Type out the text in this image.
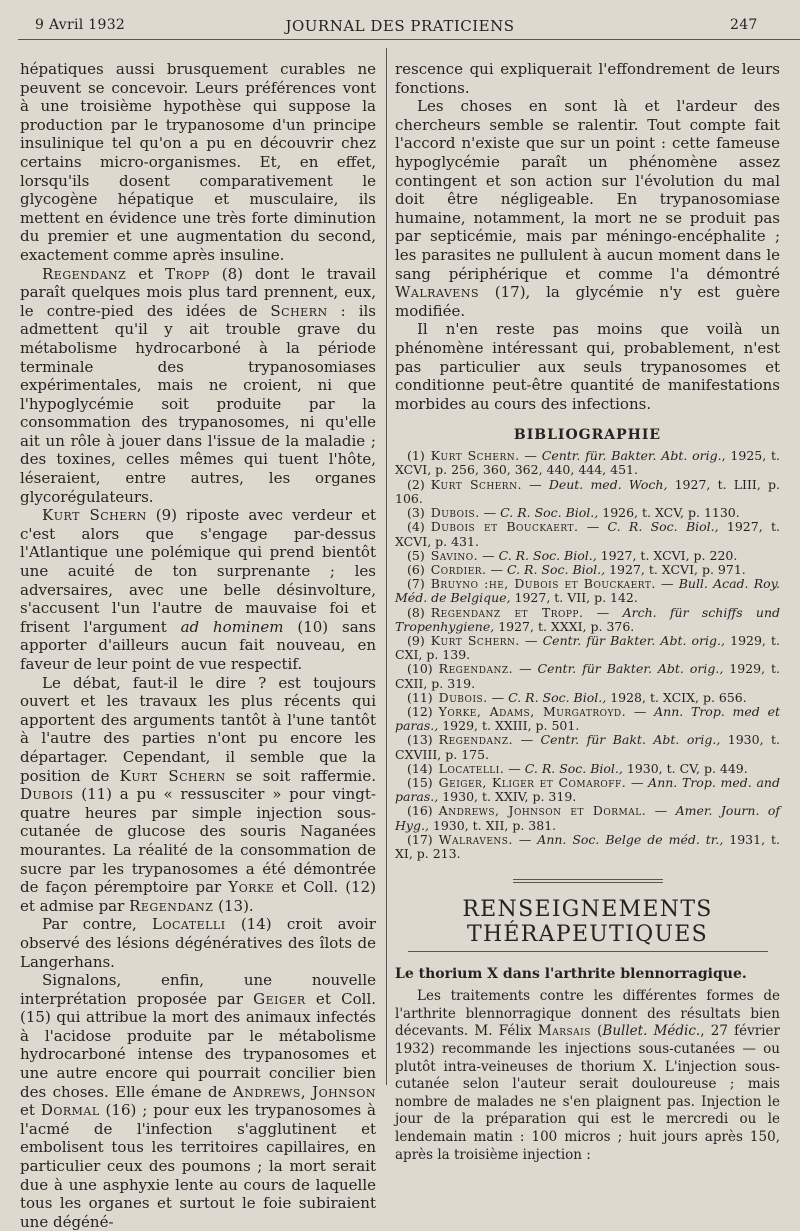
9 Avril 1932	JOURNAL DES PRATICIENS	247

hépatiques aussi brusquement curables ne peuvent se concevoir. Leurs préférences vont à une troisième hypothèse qui suppose la production par le trypanosome d'un principe insulinique tel qu'on a pu en découvrir chez certains micro-organismes. Et, en effet, lorsqu'ils dosent comparativement le glycogène hépatique et musculaire, ils mettent en évidence une très forte diminution du premier et une augmentation du second, exactement comme après insuline.

Regendanz et Tropp (8) dont le travail paraît quelques mois plus tard prennent, eux, le contre-pied des idées de Schern : ils admettent qu'il y ait trouble grave du métabolisme hydrocarboné à la période terminale des trypanosomiases expérimentales, mais ne croient, ni que l'hypoglycémie soit produite par la consommation des trypanosomes, ni qu'elle ait un rôle à jouer dans l'issue de la maladie ; des toxines, celles mêmes qui tuent l'hôte, léseraient, entre autres, les organes glycorégulateurs.

Kurt Schern (9) riposte avec verdeur et c'est alors que s'engage par-dessus l'Atlantique une polémique qui prend bientôt une acuité de ton surprenante ; les adversaires, avec une belle désinvolture, s'accusent l'un l'autre de mauvaise foi et frisent l'argument ad hominem (10) sans apporter d'ailleurs aucun fait nouveau, en faveur de leur point de vue respectif.

Le débat, faut-il le dire ? est toujours ouvert et les travaux les plus récents qui apportent des arguments tantôt à l'une tantôt à l'autre des parties n'ont pu encore les départager. Cependant, il semble que la position de Kurt Schern se soit raffermie. Dubois (11) a pu « ressusciter » pour vingt-quatre heures par simple injection sous-cutanée de glucose des souris Naganées mourantes. La réalité de la consommation de sucre par les trypanosomes a été démontrée de façon péremptoire par Yorke et Coll. (12) et admise par Regendanz (13).

Par contre, Locatelli (14) croit avoir observé des lésions dégénératives des îlots de Langerhans.

Signalons, enfin, une nouvelle interprétation proposée par Geiger et Coll. (15) qui attribue la mort des animaux infectés à l'acidose produite par le métabolisme hydrocarboné intense des trypanosomes et une autre encore qui pourrait concilier bien des choses. Elle émane de Andrews, Johnson et Dormal (16) ; pour eux les trypanosomes à l'acmé de l'infection s'agglutinent et embolisent tous les territoires capillaires, en particulier ceux des poumons ; la mort serait due à une asphyxie lente au cours de laquelle tous les organes et surtout le foie subiraient une dégéné-

rescence qui expliquerait l'effondrement de leurs fonctions.

Les choses en sont là et l'ardeur des chercheurs semble se ralentir. Tout compte fait l'accord n'existe que sur un point : cette fameuse hypoglycémie paraît un phénomène assez contingent et son action sur l'évolution du mal doit être négligeable. En trypanosomiase humaine, notamment, la mort ne se produit pas par septicémie, mais par méningo-encéphalite ; les parasites ne pullulent à aucun moment dans le sang périphérique et comme l'a démontré Walravens (17), la glycémie n'y est guère modifiée.

Il n'en reste pas moins que voilà un phénomène intéressant qui, probablement, n'est pas particulier aux seuls trypanosomes et conditionne peut-être quantité de manifestations morbides au cours des infections.

BIBLIOGRAPHIE

(1) Kurt Schern. — Centr. für. Bakter. Abt. orig., 1925, t. XCVI, p. 256, 360, 362, 440, 444, 451.

(2) Kurt Schern. — Deut. med. Woch, 1927, t. LIII, p. 106.

(3) Dubois. — C. R. Soc. Biol., 1926, t. XCV, p. 1130.

(4) Dubois et Bouckaert. — C. R. Soc. Biol., 1927, t. XCVI, p. 431.

(5) Savino. — C. R. Soc. Biol., 1927, t. XCVI, p. 220.

(6) Cordier. — C. R. Soc. Biol., 1927, t. XCVI, p. 971.

(7) Bruyno :he, Dubois et Bouckaert. — Bull. Acad. Roy. Méd. de Belgique, 1927, t. VII, p. 142.

(8) Regendanz et Tropp. — Arch. für schiffs und Tropenhygiene, 1927, t. XXXI, p. 376.

(9) Kurt Schern. — Centr. für Bakter. Abt. orig., 1929, t. CXI, p. 139.

(10) Regendanz. — Centr. für Bakter. Abt. orig., 1929, t. CXII, p. 319.

(11) Dubois. — C. R. Soc. Biol., 1928, t. XCIX, p. 656.

(12) Yorke, Adams, Murgatroyd. — Ann. Trop. med et paras., 1929, t. XXIII, p. 501.

(13) Regendanz. — Centr. für Bakt. Abt. orig., 1930, t. CXVIII, p. 175.

(14) Locatelli. — C. R. Soc. Biol., 1930, t. CV, p. 449.

(15) Geiger, Kliger et Comaroff. — Ann. Trop. med. and paras., 1930, t. XXIV, p. 319.

(16) Andrews, Johnson et Dormal. — Amer. Journ. of Hyg., 1930, t. XII, p. 381.

(17) Walravens. — Ann. Soc. Belge de méd. tr., 1931, t. XI, p. 213.

RENSEIGNEMENTS THÉRAPEUTIQUES
Le thorium X dans l'arthrite blennorragique.

Les traitements contre les différentes formes de l'arthrite blennorragique donnent des résultats bien décevants. M. Félix Marsais (Bullet. Médic., 27 février 1932) recommande les injections sous-cutanées — ou plutôt intra-veineuses de thorium X. L'injection sous-cutanée selon l'auteur serait douloureuse ; mais nombre de malades ne s'en plaignent pas. Injection le jour de la préparation qui est le mercredi ou le lendemain matin : 100 micros ; huit jours après 150, après la troisième injection :
